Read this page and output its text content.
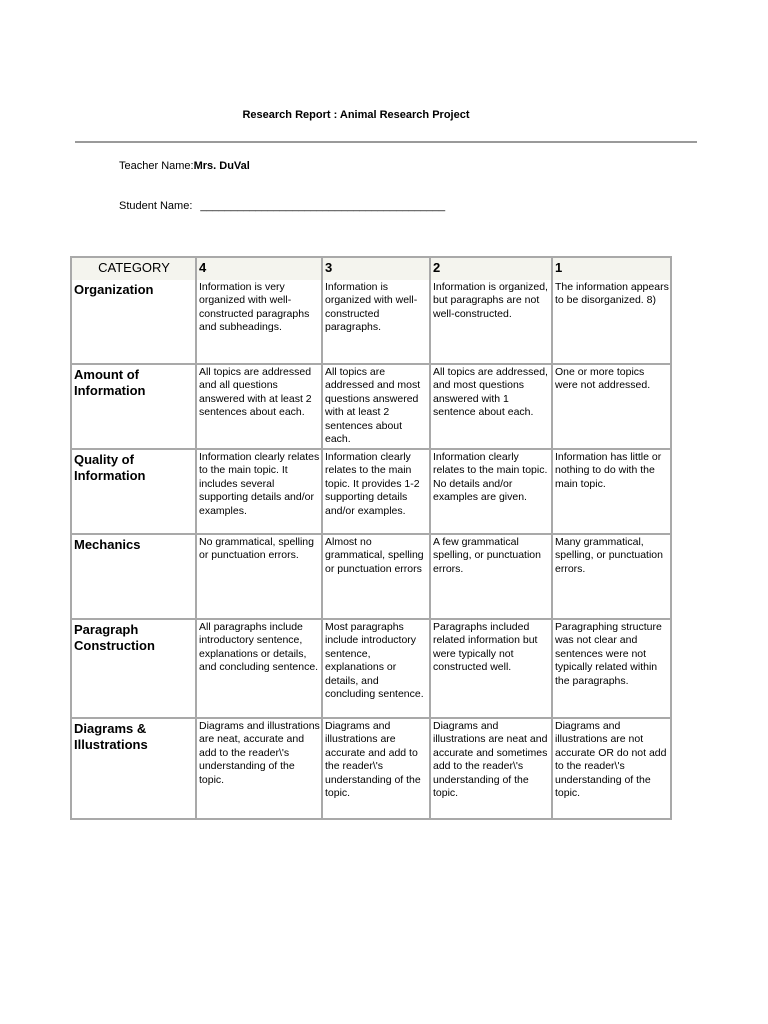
Research Report : Animal Research Project
Teacher Name:Mrs. DuVal
Student Name: ________________________________________
CATEGORY	4	3	2	1
Organization	Information is very organized with well-constructed paragraphs and subheadings.	Information is organized with well-constructed paragraphs.	Information is organized, but paragraphs are not well-constructed.	The information appears to be disorganized. 8)
Amount of Information	All topics are addressed and all questions answered with at least 2 sentences about each.	All topics are addressed and most questions answered with at least 2 sentences about each.	All topics are addressed, and most questions answered with 1 sentence about each.	One or more topics were not addressed.
Quality of Information	Information clearly relates to the main topic. It includes several supporting details and/or examples.	Information clearly relates to the main topic. It provides 1-2 supporting details and/or examples.	Information clearly relates to the main topic. No details and/or examples are given.	Information has little or nothing to do with the main topic.
Mechanics	No grammatical, spelling or punctuation errors.	Almost no grammatical, spelling or punctuation errors	A few grammatical spelling, or punctuation errors.	Many grammatical, spelling, or punctuation errors.
Paragraph Construction	All paragraphs include introductory sentence, explanations or details, and concluding sentence.	Most paragraphs include introductory sentence, explanations or details, and concluding sentence.	Paragraphs included related information but were typically not constructed well.	Paragraphing structure was not clear and sentences were not typically related within the paragraphs.
Diagrams & Illustrations	Diagrams and illustrations are neat, accurate and add to the reader\'s understanding of the topic.	Diagrams and illustrations are accurate and add to the reader\'s understanding of the topic.	Diagrams and illustrations are neat and accurate and sometimes add to the reader\'s understanding of the topic.	Diagrams and illustrations are not accurate OR do not add to the reader\'s understanding of the topic.
